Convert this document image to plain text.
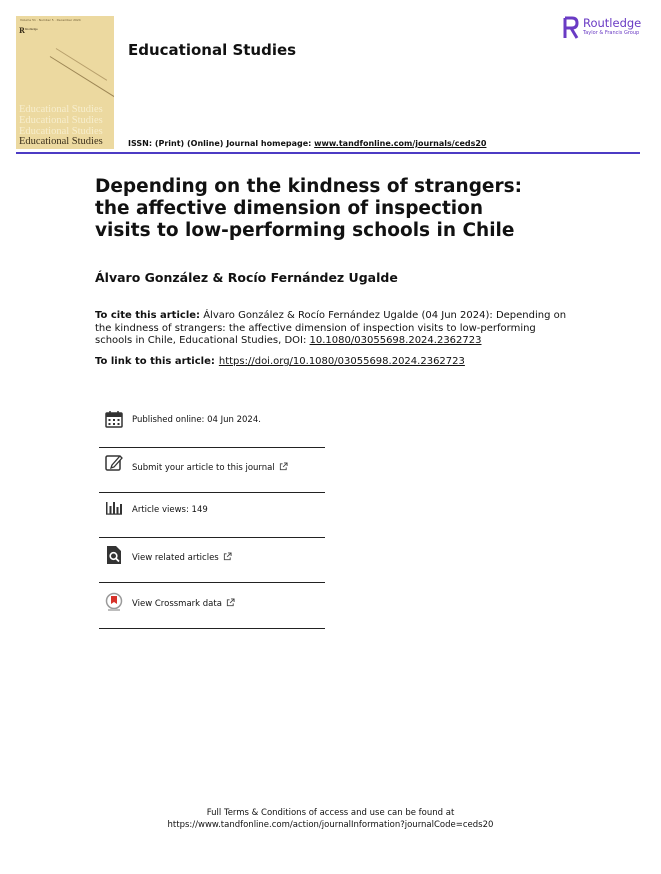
Volume 51 · Number 5 · December 2024
R Routledge
Educational Studies
Educational Studies
Educational Studies
Educational Studies
Educational Studies
ISSN: (Print) (Online) Journal homepage: www.tandfonline.com/journals/ceds20
Routledge
Taylor & Francis Group
Depending on the kindness of strangers: the affective dimension of inspection visits to low-performing schools in Chile
Álvaro González & Rocío Fernández Ugalde
To cite this article: Álvaro González & Rocío Fernández Ugalde (04 Jun 2024): Depending on the kindness of strangers: the affective dimension of inspection visits to low-performing schools in Chile, Educational Studies, DOI: 10.1080/03055698.2024.2362723
To link to this article: https://doi.org/10.1080/03055698.2024.2362723
Published online: 04 Jun 2024.
Submit your article to this journal
Article views: 149
View related articles
View Crossmark data
Full Terms & Conditions of access and use can be found at
https://www.tandfonline.com/action/journalInformation?journalCode=ceds20
